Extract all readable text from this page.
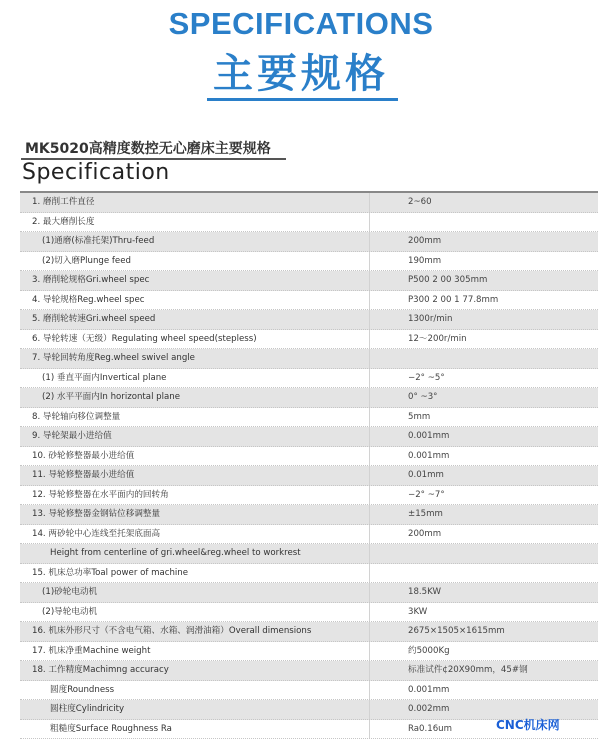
SPECIFICATIONS
主要规格
MK5020高精度数控无心磨床主要规格
Specification
1. 磨削工件直径	2~60
2. 最大磨削长度
(1)通磨(标准托架)Thru-feed	200mm
(2)切入磨Plunge feed	190mm
3. 磨削轮规格Gri.wheel spec	P500 2 00 305mm
4. 导轮规格Reg.wheel spec	P300 2 00 1 77.8mm
5. 磨削轮转速Gri.wheel speed	1300r/min
6. 导轮转速（无级）Regulating wheel speed(stepless)	12～200r/min
7. 导轮回转角度Reg.wheel swivel angle
(1) 垂直平面内Invertical plane	−2° ~5°
(2) 水平平面内In horizontal plane	0° ~3°
8. 导轮轴向移位调整量	5mm
9. 导轮架最小进给值	0.001mm
10. 砂轮修整器最小进给值	0.001mm
11. 导轮修整器最小进给值	0.01mm
12. 导轮修整器在水平面内的回转角	−2° ~7°
13. 导轮修整器金钢钻位移调整量	±15mm
14. 两砂轮中心连线至托架底面高	200mm
Height from centerline of gri.wheel&reg.wheel to workrest
15. 机床总功率Toal power of machine
(1)砂轮电动机	18.5KW
(2)导轮电动机	3KW
16. 机床外形尺寸（不含电气箱、水箱、润滑油箱）Overall dimensions	2675×1505×1615mm
17. 机床净重Machine weight	约5000Kg
18. 工作精度Machimng accuracy	标准试件¢20X90mm，45#钢
圆度Roundness	0.001mm
圆柱度Cylindricity	0.002mm
粗糙度Surface Roughness Ra	Ra0.16um	CNC机床网
